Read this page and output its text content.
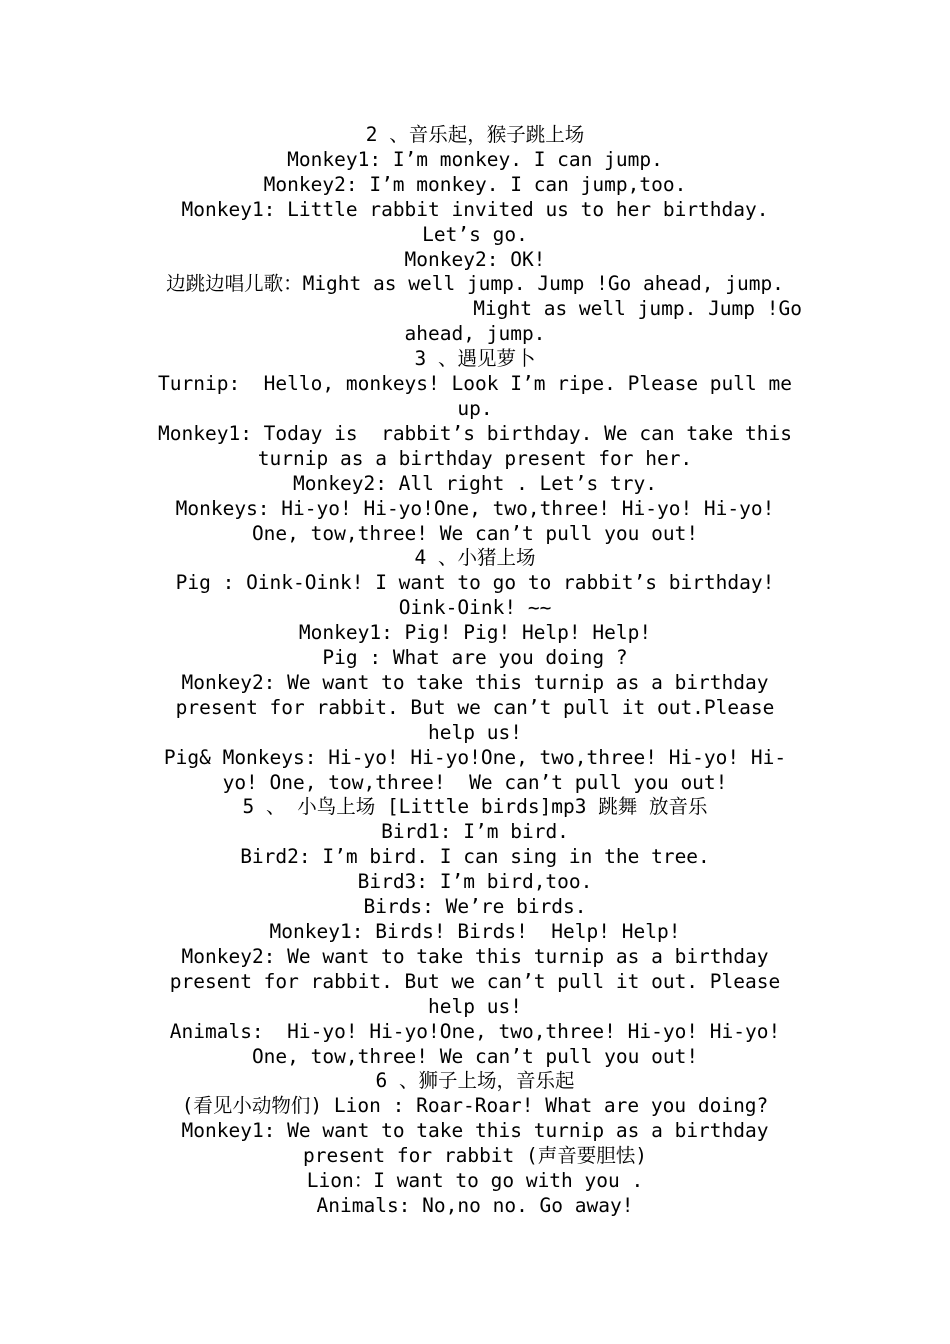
2 、音乐起，猴子跳上场

Monkey1: I’m monkey. I can jump.

Monkey2: I’m monkey. I can jump,too.

Monkey1: Little rabbit invited us to her birthday.

Let’s go.

Monkey2: OK!

边跳边唱儿歌：Might as well jump. Jump !Go ahead, jump.

Might as well jump. Jump !Go

ahead, jump.

3 、遇见萝卜

Turnip:  Hello, monkeys! Look I’m ripe. Please pull me

up.

Monkey1: Today is  rabbit’s birthday. We can take this

turnip as a birthday present for her.

Monkey2: All right . Let’s try.

Monkeys: Hi-yo! Hi-yo!One, two,three! Hi-yo! Hi-yo!

One, tow,three! We can’t pull you out!

4 、小猪上场

Pig : Oink-Oink! I want to go to rabbit’s birthday!

Oink-Oink! ~~

Monkey1: Pig! Pig! Help! Help!

Pig : What are you doing ?

Monkey2: We want to take this turnip as a birthday

present for rabbit. But we can’t pull it out.Please

help us!

Pig& Monkeys: Hi-yo! Hi-yo!One, two,three! Hi-yo! Hi-

yo! One, tow,three!  We can’t pull you out!

5 、 小鸟上场 [Little birds]mp3 跳舞 放音乐

Bird1: I’m bird.

Bird2: I’m bird. I can sing in the tree.

Bird3: I’m bird,too.

Birds: We’re birds.

Monkey1: Birds! Birds!  Help! Help!

Monkey2: We want to take this turnip as a birthday

present for rabbit. But we can’t pull it out. Please

help us!

Animals:  Hi-yo! Hi-yo!One, two,three! Hi-yo! Hi-yo!

One, tow,three! We can’t pull you out!

6 、狮子上场，音乐起

(看见小动物们) Lion : Roar-Roar! What are you doing?

Monkey1: We want to take this turnip as a birthday

present for rabbit (声音要胆怯)

Lion：I want to go with you .

Animals: No,no no. Go away!
